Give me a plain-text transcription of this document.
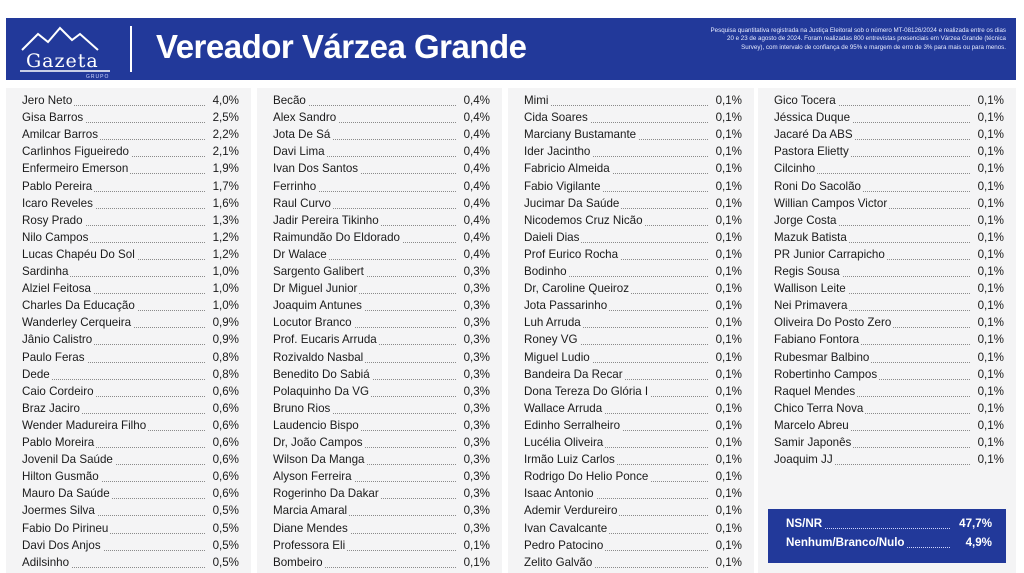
Gazeta
GRUPO
Vereador Várzea Grande	Pesquisa quantitativa registrada na Justiça Eleitoral sob o número MT-08126/2024 e realizada entre os dias 20 e 23 de agosto de 2024. Foram realizadas 800 entrevistas presenciais em Várzea Grande (técnica Survey), com intervalo de confiança de 95% e margem de erro de 3% para mais ou para menos.
Jero Neto	4,0%
Gisa Barros	2,5%
Amilcar Barros	2,2%
Carlinhos Figueiredo	2,1%
Enfermeiro Emerson	1,9%
Pablo Pereira	1,7%
Icaro Reveles	1,6%
Rosy Prado	1,3%
Nilo Campos	1,2%
Lucas Chapéu Do Sol	1,2%
Sardinha	1,0%
Alziel Feitosa	1,0%
Charles Da Educação	1,0%
Wanderley Cerqueira	0,9%
Jânio Calistro	0,9%
Paulo Feras	0,8%
Dede	0,8%
Caio Cordeiro	0,6%
Braz Jaciro	0,6%
Wender Madureira Filho	0,6%
Pablo Moreira	0,6%
Jovenil Da Saúde	0,6%
Hilton Gusmão	0,6%
Mauro Da Saúde	0,6%
Joermes Silva	0,5%
Fabio Do Pirineu	0,5%
Davi Dos Anjos	0,5%
Adilsinho	0,5%
Becão	0,4%
Alex Sandro	0,4%
Jota De Sá	0,4%
Davi Lima	0,4%
Ivan Dos Santos	0,4%
Ferrinho	0,4%
Raul Curvo	0,4%
Jadir Pereira Tikinho	0,4%
Raimundão Do Eldorado	0,4%
Dr Walace	0,4%
Sargento Galibert	0,3%
Dr Miguel Junior	0,3%
Joaquim Antunes	0,3%
Locutor Branco	0,3%
Prof. Eucaris Arruda	0,3%
Rozivaldo Nasbal	0,3%
Benedito Do Sabiá	0,3%
Polaquinho Da VG	0,3%
Bruno Rios	0,3%
Laudencio Bispo	0,3%
Dr, João Campos	0,3%
Wilson Da Manga	0,3%
Alyson Ferreira	0,3%
Rogerinho Da Dakar	0,3%
Marcia Amaral	0,3%
Diane Mendes	0,3%
Professora Eli	0,1%
Bombeiro	0,1%
Mimi	0,1%
Cida Soares	0,1%
Marciany Bustamante	0,1%
Ider Jacintho	0,1%
Fabricio Almeida	0,1%
Fabio Vigilante	0,1%
Jucimar Da Saúde	0,1%
Nicodemos Cruz Nicão	0,1%
Daieli Dias	0,1%
Prof Eurico Rocha	0,1%
Bodinho	0,1%
Dr, Caroline Queiroz	0,1%
Jota Passarinho	0,1%
Luh Arruda	0,1%
Roney VG	0,1%
Miguel Ludio	0,1%
Bandeira Da Recar	0,1%
Dona Tereza Do Glória I	0,1%
Wallace Arruda	0,1%
Edinho Serralheiro	0,1%
Lucélia Oliveira	0,1%
Irmão Luiz Carlos	0,1%
Rodrigo Do Helio Ponce	0,1%
Isaac Antonio	0,1%
Ademir Verdureiro	0,1%
Ivan Cavalcante	0,1%
Pedro Patocino	0,1%
Zelito Galvão	0,1%
Gico Tocera	0,1%
Jéssica Duque	0,1%
Jacaré Da ABS	0,1%
Pastora Elietty	0,1%
Cilcinho	0,1%
Roni Do Sacolão	0,1%
Willian Campos Victor	0,1%
Jorge Costa	0,1%
Mazuk Batista	0,1%
PR Junior Carrapicho	0,1%
Regis Sousa	0,1%
Wallison Leite	0,1%
Nei Primavera	0,1%
Oliveira Do Posto Zero	0,1%
Fabiano Fontora	0,1%
Rubesmar Balbino	0,1%
Robertinho Campos	0,1%
Raquel Mendes	0,1%
Chico Terra Nova	0,1%
Marcelo Abreu	0,1%
Samir Japonês	0,1%
Joaquim JJ	0,1%
NS/NR	47,7%
Nenhum/Branco/Nulo	4,9%
